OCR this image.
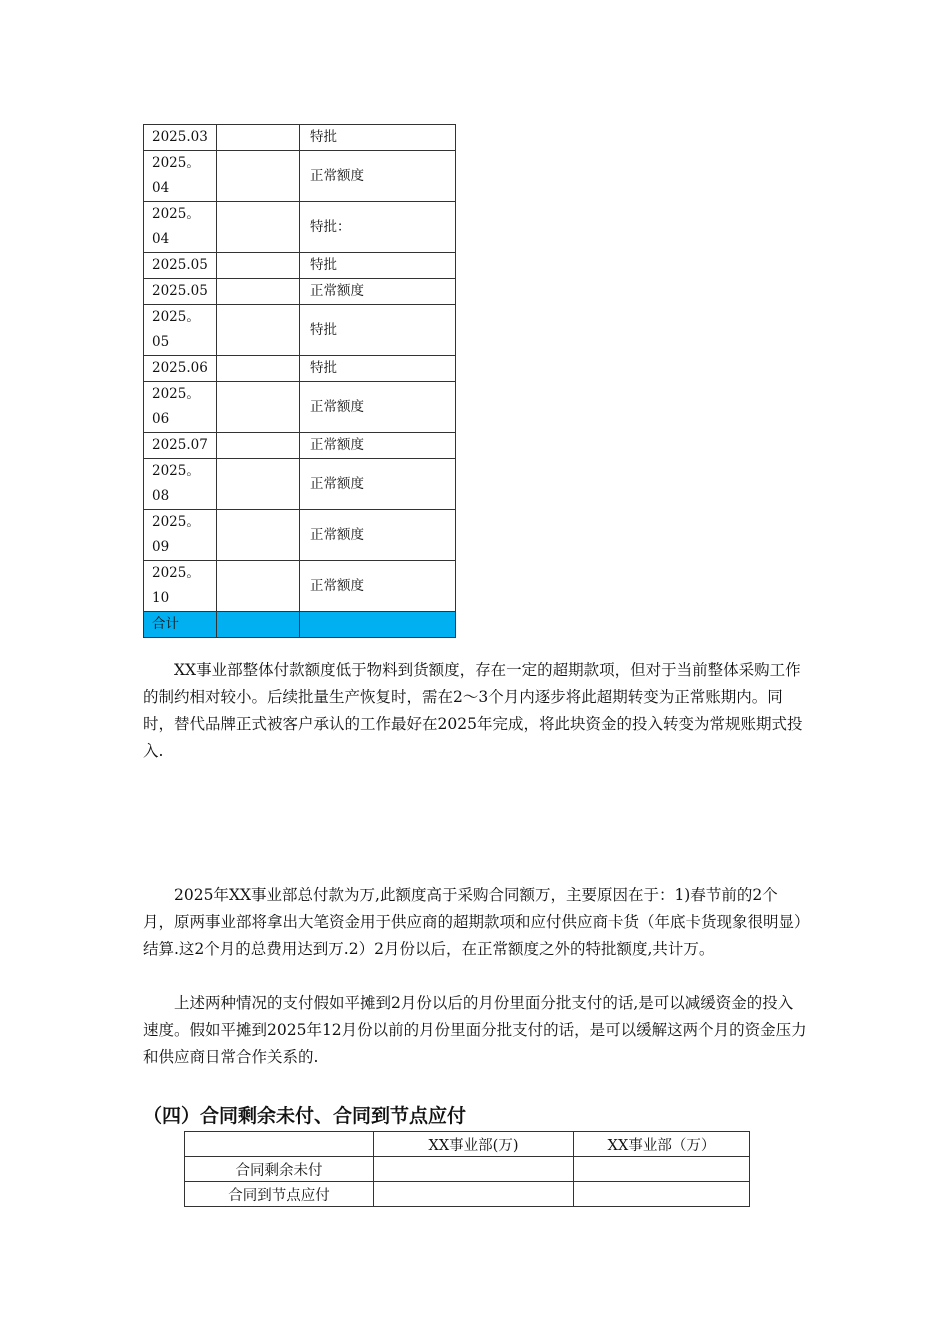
2025.03		特批
2025。04		正常额度
2025。04		特批：
2025.05		特批
2025.05		正常额度
2025。05		特批
2025.06		特批
2025。06		正常额度
2025.07		正常额度
2025。08		正常额度
2025。09		正常额度
2025。10		正常额度
合计		

XX事业部整体付款额度低于物料到货额度，存在一定的超期款项，但对于当前整体采购工作的制约相对较小。后续批量生产恢复时，需在2～3个月内逐步将此超期转变为正常账期内。同时，替代品牌正式被客户承认的工作最好在2025年完成，将此块资金的投入转变为常规账期式投入.

2025年XX事业部总付款为万,此额度高于采购合同额万，主要原因在于：1)春节前的2个月，原两事业部将拿出大笔资金用于供应商的超期款项和应付供应商卡货（年底卡货现象很明显）结算.这2个月的总费用达到万.2）2月份以后，在正常额度之外的特批额度,共计万。

上述两种情况的支付假如平摊到2月份以后的月份里面分批支付的话,是可以减缓资金的投入速度。假如平摊到2025年12月份以前的月份里面分批支付的话，是可以缓解这两个月的资金压力和供应商日常合作关系的.

（四）合同剩余未付、合同到节点应付
	XX事业部(万)	XX事业部（万）
合同剩余未付		
合同到节点应付		
